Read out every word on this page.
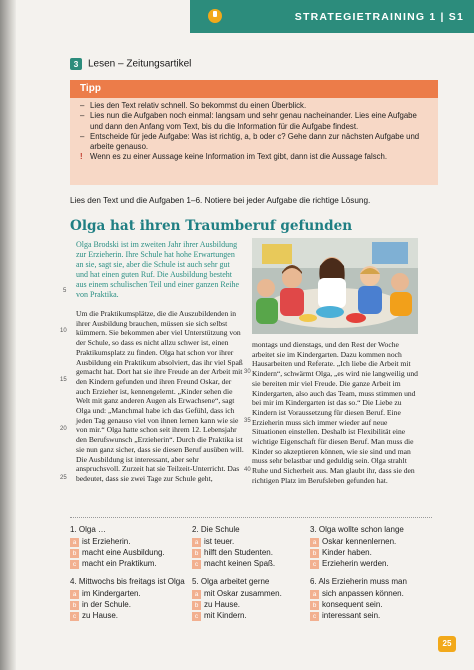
STRATEGIETRAINING 1 | S1
3 Lesen – Zeitungsartikel
Tipp
– Lies den Text relativ schnell. So bekommst du einen Überblick.
– Lies nun die Aufgaben noch einmal: langsam und sehr genau nacheinander. Lies eine Aufgabe und dann den Anfang vom Text, bis du die Information für die Aufgabe findest.
– Entscheide für jede Aufgabe: Was ist richtig, a, b oder c? Gehe dann zur nächsten Aufgabe und arbeite genauso.
! Wenn es zu einer Aussage keine Information im Text gibt, dann ist die Aussage falsch.
Lies den Text und die Aufgaben 1–6. Notiere bei jeder Aufgabe die richtige Lösung.
Olga hat ihren Traumberuf gefunden
Olga Brodski ist im zweiten Jahr ihrer Ausbildung zur Erzieherin. Ihre Schule hat hohe Erwartungen an sie, sagt sie, aber die Schule ist auch sehr gut und hat einen guten Ruf. Die Ausbildung besteht aus einem schulischen Teil und einer ganzen Reihe von Praktika.

Um die Praktikumsplätze, die die Auszubildenden in ihrer Ausbildung brauchen, müssen sie sich selbst kümmern. Sie bekommen aber viel Unterstützung von der Schule, so dass es nicht allzu schwer ist, einen Praktikumsplatz zu finden. Olga hat schon vor ihrer Ausbildung ein Praktikum absolviert, das ihr viel Spaß gemacht hat. Dort hat sie ihre Freude an der Arbeit mit den Kindern gefunden und ihren Freund Oskar, der auch Erzieher ist, kennengelernt. „Kinder sehen die Welt mit ganz anderen Augen als Erwachsene“, sagt Olga und: „Manchmal habe ich das Gefühl, dass ich jeden Tag genauso viel von ihnen lernen kann wie sie von mir.“ Olga hatte schon seit ihrem 12. Lebensjahr den Berufswunsch „Erzieherin“. Durch die Praktika ist sie nun ganz sicher, dass sie diesen Beruf ausüben will. Die Ausbildung ist interessant, aber sehr anspruchsvoll. Zurzeit hat sie Teilzeit-Unterricht. Das bedeutet, dass sie zwei Tage zur Schule geht,

montags und dienstags, und den Rest der Woche arbeitet sie im Kindergarten. Dazu kommen noch Hausarbeiten und Referate. „Ich liebe die Arbeit mit Kindern“, schwärmt Olga, „es wird nie langweilig und sie bereiten mir viel Freude. Die ganze Arbeit im Kindergarten, also auch das Team, muss stimmen und bei mir im Kindergarten ist das so.“ Die Liebe zu Kindern ist Voraussetzung für diesen Beruf. Eine Erzieherin muss sich immer wieder auf neue Situationen einstellen. Deshalb ist Flexibilität eine wichtige Eigenschaft für diesen Beruf. Man muss die Kinder so akzeptieren können, wie sie sind und man muss sehr belastbar und geduldig sein. Olga strahlt Ruhe und Sicherheit aus. Man glaubt ihr, dass sie den richtigen Platz im Berufsleben gefunden hat.

5
10
15
20
25
30
35
40
1. Olga …
a ist Erzieherin.
b macht eine Ausbildung.
c macht ein Praktikum.
2. Die Schule
a ist teuer.
b hilft den Studenten.
c macht keinen Spaß.
3. Olga wollte schon lange
a Oskar kennenlernen.
b Kinder haben.
c Erzieherin werden.
4. Mittwochs bis freitags ist Olga
a im Kindergarten.
b in der Schule.
c zu Hause.
5. Olga arbeitet gerne
a mit Oskar zusammen.
b zu Hause.
c mit Kindern.
6. Als Erzieherin muss man
a sich anpassen können.
b konsequent sein.
c interessant sein.
25
